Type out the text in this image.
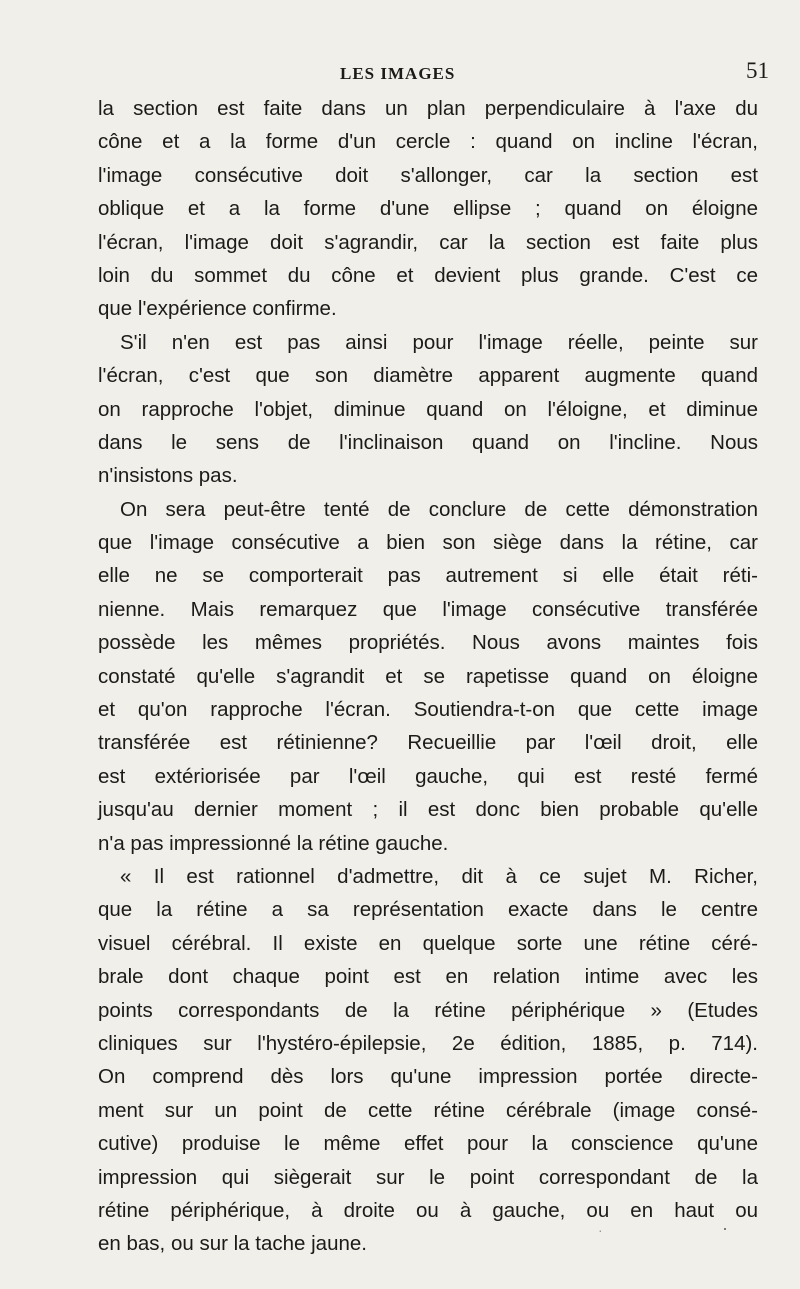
LES IMAGES	51
la section est faite dans un plan perpendiculaire à l'axe du
cône et a la forme d'un cercle : quand on incline l'écran,
l'image consécutive doit s'allonger, car la section est
oblique et a la forme d'une ellipse ; quand on éloigne
l'écran, l'image doit s'agrandir, car la section est faite plus
loin du sommet du cône et devient plus grande. C'est ce
que l'expérience confirme.
S'il n'en est pas ainsi pour l'image réelle, peinte sur
l'écran, c'est que son diamètre apparent augmente quand
on rapproche l'objet, diminue quand on l'éloigne, et diminue
dans le sens de l'inclinaison quand on l'incline. Nous
n'insistons pas.
On sera peut-être tenté de conclure de cette démonstration
que l'image consécutive a bien son siège dans la rétine, car
elle ne se comporterait pas autrement si elle était réti-
nienne. Mais remarquez que l'image consécutive transférée
possède les mêmes propriétés. Nous avons maintes fois
constaté qu'elle s'agrandit et se rapetisse quand on éloigne
et qu'on rapproche l'écran. Soutiendra-t-on que cette image
transférée est rétinienne? Recueillie par l'œil droit, elle
est extériorisée par l'œil gauche, qui est resté fermé
jusqu'au dernier moment ; il est donc bien probable qu'elle
n'a pas impressionné la rétine gauche.
« Il est rationnel d'admettre, dit à ce sujet M. Richer,
que la rétine a sa représentation exacte dans le centre
visuel cérébral. Il existe en quelque sorte une rétine céré-
brale dont chaque point est en relation intime avec les
points correspondants de la rétine périphérique » (Etudes
cliniques sur l'hystéro-épilepsie, 2e édition, 1885, p. 714).
On comprend dès lors qu'une impression portée directe-
ment sur un point de cette rétine cérébrale (image consé-
cutive) produise le même effet pour la conscience qu'une
impression qui siègerait sur le point correspondant de la
rétine périphérique, à droite ou à gauche, ou en haut ou
en bas, ou sur la tache jaune.
·	·
